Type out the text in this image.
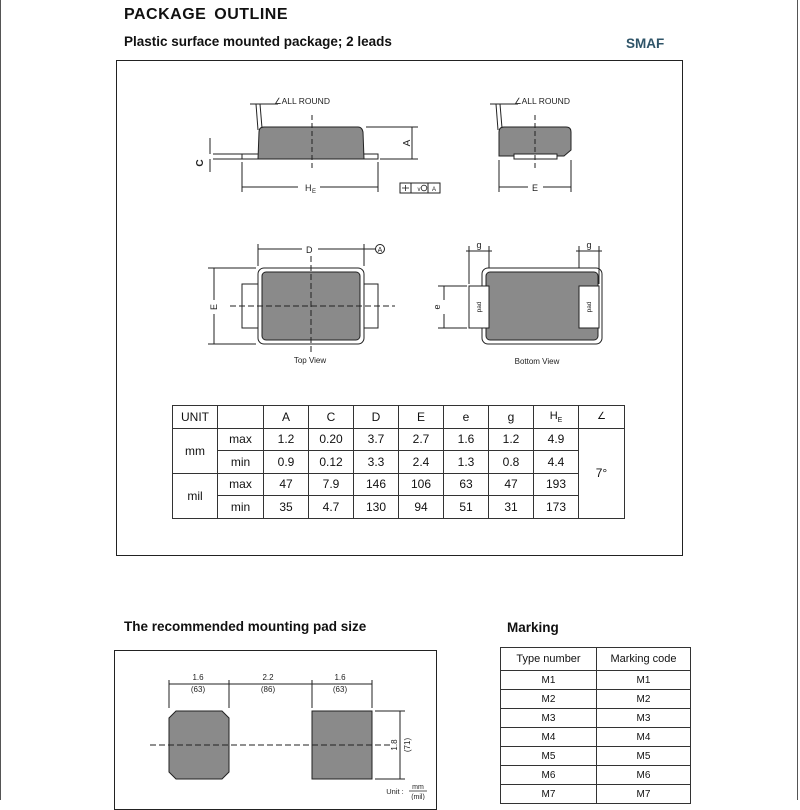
PACKAGE OUTLINE
Plastic surface mounted package; 2 leads	SMAF
∠ALL ROUND	∠ALL ROUND
C
A
H E	E
D	A
E	e
g	g
pad	pad
v A
Top View	Bottom View
UNIT		A	C	D	E	e	g	$H_E$	∠
mm	max	1.2	0.20	3.7	2.7	1.6	1.2	4.9	7°
	min	0.9	0.12	3.3	2.4	1.3	0.8	4.4	
mil	max	47	7.9	146	106	63	47	193	
	min	35	4.7	130	94	51	31	173	
The recommended mounting pad size
1.6
(63)
2.2
(86)
1.6
(63)
1.8 (71)
Unit : mm
(mil)
Marking
Type number	Marking code
M1	M1
M2	M2
M3	M3
M4	M4
M5	M5
M6	M6
M7	M7
